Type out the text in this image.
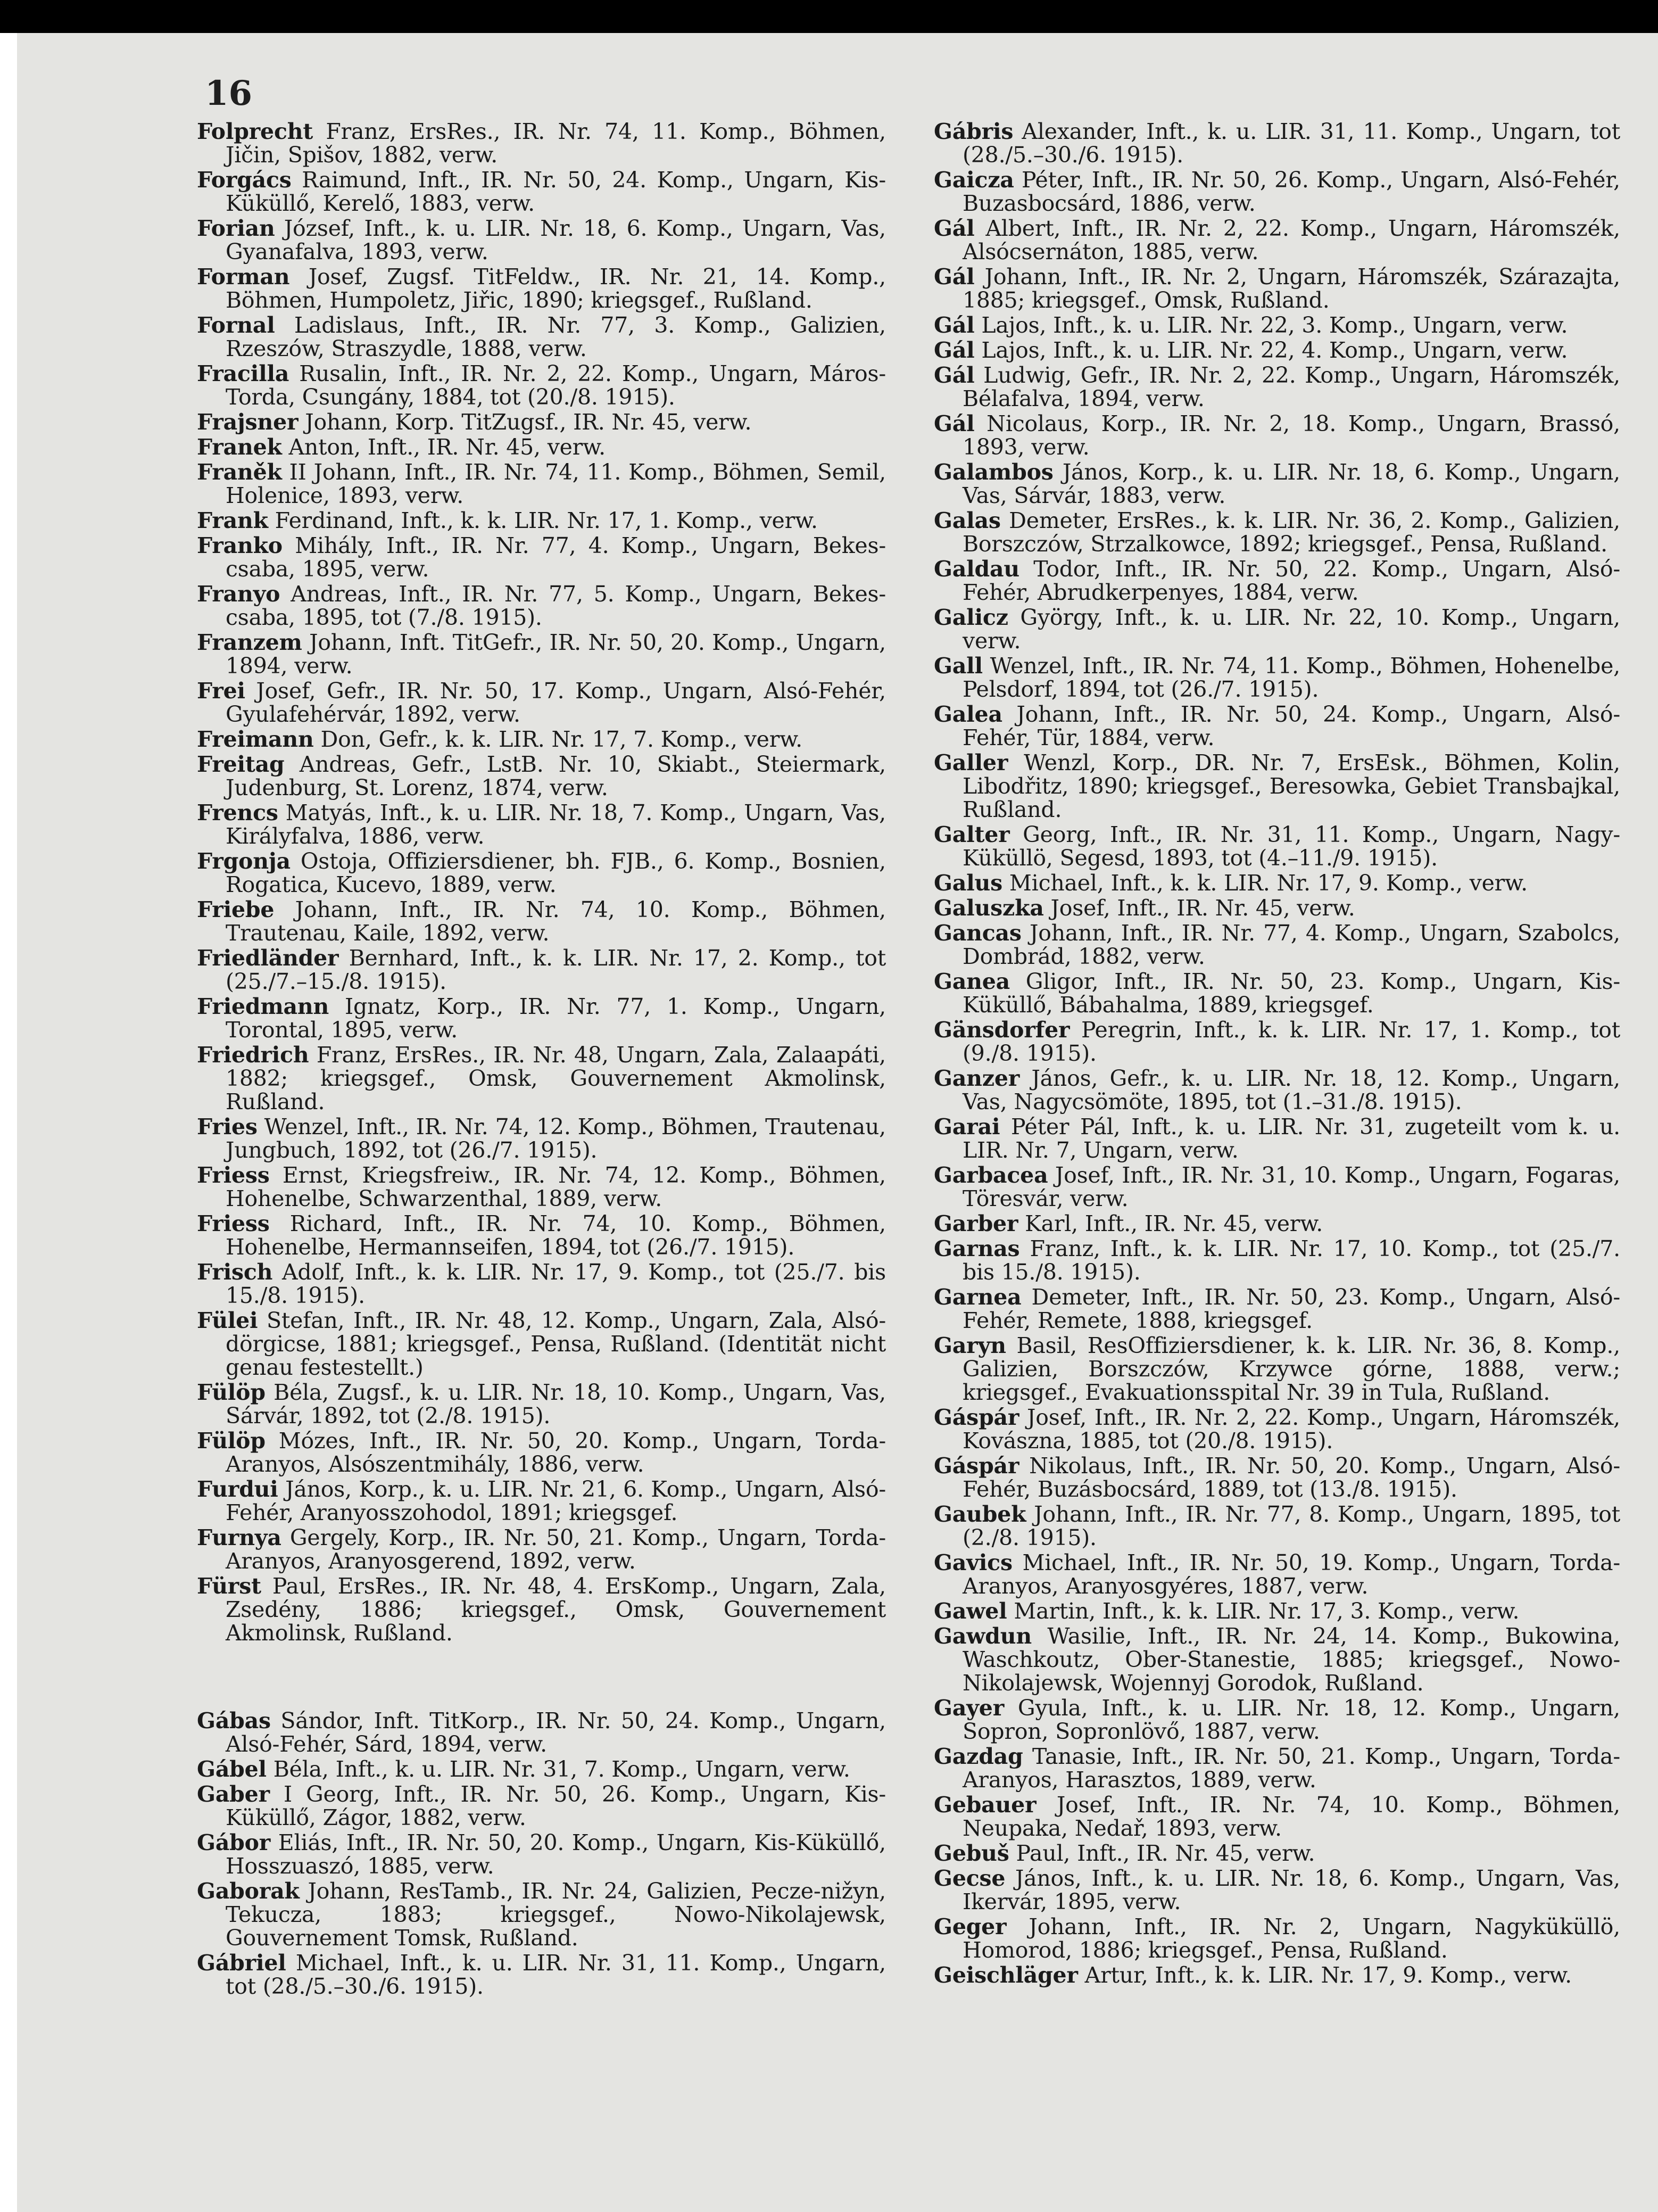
16

Folprecht Franz, ErsRes., IR. Nr. 74, 11. Komp., Böhmen, Jičin, Spišov, 1882, verw.

Forgács Raimund, Inft., IR. Nr. 50, 24. Komp., Ungarn, Kis-Küküllő, Kerelő, 1883, verw.

Forian József, Inft., k. u. LIR. Nr. 18, 6. Komp., Ungarn, Vas, Gyanafalva, 1893, verw.

Forman Josef, Zugsf. TitFeldw., IR. Nr. 21, 14. Komp., Böhmen, Humpoletz, Jiřic, 1890; kriegsgef., Rußland.

Fornal Ladislaus, Inft., IR. Nr. 77, 3. Komp., Galizien, Rzeszów, Straszydle, 1888, verw.

Fracilla Rusalin, Inft., IR. Nr. 2, 22. Komp., Ungarn, Máros-Torda, Csungány, 1884, tot (20./8. 1915).

Frajsner Johann, Korp. TitZugsf., IR. Nr. 45, verw.

Franek Anton, Inft., IR. Nr. 45, verw.

Franěk II Johann, Inft., IR. Nr. 74, 11. Komp., Böhmen, Semil, Holenice, 1893, verw.

Frank Ferdinand, Inft., k. k. LIR. Nr. 17, 1. Komp., verw.

Franko Mihály, Inft., IR. Nr. 77, 4. Komp., Ungarn, Bekes-csaba, 1895, verw.

Franyo Andreas, Inft., IR. Nr. 77, 5. Komp., Ungarn, Bekes-csaba, 1895, tot (7./8. 1915).

Franzem Johann, Inft. TitGefr., IR. Nr. 50, 20. Komp., Ungarn, 1894, verw.

Frei Josef, Gefr., IR. Nr. 50, 17. Komp., Ungarn, Alsó-Fehér, Gyulafehérvár, 1892, verw.

Freimann Don, Gefr., k. k. LIR. Nr. 17, 7. Komp., verw.

Freitag Andreas, Gefr., LstB. Nr. 10, Skiabt., Steiermark, Judenburg, St. Lorenz, 1874, verw.

Frencs Matyás, Inft., k. u. LIR. Nr. 18, 7. Komp., Ungarn, Vas, Királyfalva, 1886, verw.

Frgonja Ostoja, Offiziersdiener, bh. FJB., 6. Komp., Bosnien, Rogatica, Kucevo, 1889, verw.

Friebe Johann, Inft., IR. Nr. 74, 10. Komp., Böhmen, Trautenau, Kaile, 1892, verw.

Friedländer Bernhard, Inft., k. k. LIR. Nr. 17, 2. Komp., tot (25./7.–15./8. 1915).

Friedmann Ignatz, Korp., IR. Nr. 77, 1. Komp., Ungarn, Torontal, 1895, verw.

Friedrich Franz, ErsRes., IR. Nr. 48, Ungarn, Zala, Zalaapáti, 1882; kriegsgef., Omsk, Gouvernement Akmolinsk, Rußland.

Fries Wenzel, Inft., IR. Nr. 74, 12. Komp., Böhmen, Trautenau, Jungbuch, 1892, tot (26./7. 1915).

Friess Ernst, Kriegsfreiw., IR. Nr. 74, 12. Komp., Böhmen, Hohenelbe, Schwarzenthal, 1889, verw.

Friess Richard, Inft., IR. Nr. 74, 10. Komp., Böhmen, Hohenelbe, Hermannseifen, 1894, tot (26./7. 1915).

Frisch Adolf, Inft., k. k. LIR. Nr. 17, 9. Komp., tot (25./7. bis 15./8. 1915).

Fülei Stefan, Inft., IR. Nr. 48, 12. Komp., Ungarn, Zala, Alsó-dörgicse, 1881; kriegsgef., Pensa, Rußland. (Identität nicht genau festestellt.)

Fülöp Béla, Zugsf., k. u. LIR. Nr. 18, 10. Komp., Ungarn, Vas, Sárvár, 1892, tot (2./8. 1915).

Fülöp Mózes, Inft., IR. Nr. 50, 20. Komp., Ungarn, Torda-Aranyos, Alsószentmihály, 1886, verw.

Furdui János, Korp., k. u. LIR. Nr. 21, 6. Komp., Ungarn, Alsó-Fehér, Aranyosszohodol, 1891; kriegsgef.

Furnya Gergely, Korp., IR. Nr. 50, 21. Komp., Ungarn, Torda-Aranyos, Aranyosgerend, 1892, verw.

Fürst Paul, ErsRes., IR. Nr. 48, 4. ErsKomp., Ungarn, Zala, Zsedény, 1886; kriegsgef., Omsk, Gouvernement Akmolinsk, Rußland.

Gábas Sándor, Inft. TitKorp., IR. Nr. 50, 24. Komp., Ungarn, Alsó-Fehér, Sárd, 1894, verw.

Gábel Béla, Inft., k. u. LIR. Nr. 31, 7. Komp., Ungarn, verw.

Gaber I Georg, Inft., IR. Nr. 50, 26. Komp., Ungarn, Kis-Küküllő, Zágor, 1882, verw.

Gábor Eliás, Inft., IR. Nr. 50, 20. Komp., Ungarn, Kis-Küküllő, Hosszuaszó, 1885, verw.

Gaborak Johann, ResTamb., IR. Nr. 24, Galizien, Pecze-nižyn, Tekucza, 1883; kriegsgef., Nowo-Nikolajewsk, Gouvernement Tomsk, Rußland.

Gábriel Michael, Inft., k. u. LIR. Nr. 31, 11. Komp., Ungarn, tot (28./5.–30./6. 1915).

Gábris Alexander, Inft., k. u. LIR. 31, 11. Komp., Ungarn, tot (28./5.–30./6. 1915).

Gaicza Péter, Inft., IR. Nr. 50, 26. Komp., Ungarn, Alsó-Fehér, Buzasbocsárd, 1886, verw.

Gál Albert, Inft., IR. Nr. 2, 22. Komp., Ungarn, Háromszék, Alsócsernáton, 1885, verw.

Gál Johann, Inft., IR. Nr. 2, Ungarn, Háromszék, Szárazajta, 1885; kriegsgef., Omsk, Rußland.

Gál Lajos, Inft., k. u. LIR. Nr. 22, 3. Komp., Ungarn, verw.

Gál Lajos, Inft., k. u. LIR. Nr. 22, 4. Komp., Ungarn, verw.

Gál Ludwig, Gefr., IR. Nr. 2, 22. Komp., Ungarn, Háromszék, Bélafalva, 1894, verw.

Gál Nicolaus, Korp., IR. Nr. 2, 18. Komp., Ungarn, Brassó, 1893, verw.

Galambos János, Korp., k. u. LIR. Nr. 18, 6. Komp., Ungarn, Vas, Sárvár, 1883, verw.

Galas Demeter, ErsRes., k. k. LIR. Nr. 36, 2. Komp., Galizien, Borszczów, Strzalkowce, 1892; kriegsgef., Pensa, Rußland.

Galdau Todor, Inft., IR. Nr. 50, 22. Komp., Ungarn, Alsó-Fehér, Abrudkerpenyes, 1884, verw.

Galicz György, Inft., k. u. LIR. Nr. 22, 10. Komp., Ungarn, verw.

Gall Wenzel, Inft., IR. Nr. 74, 11. Komp., Böhmen, Hohenelbe, Pelsdorf, 1894, tot (26./7. 1915).

Galea Johann, Inft., IR. Nr. 50, 24. Komp., Ungarn, Alsó-Fehér, Tür, 1884, verw.

Galler Wenzl, Korp., DR. Nr. 7, ErsEsk., Böhmen, Kolin, Libodřitz, 1890; kriegsgef., Beresowka, Gebiet Transbajkal, Rußland.

Galter Georg, Inft., IR. Nr. 31, 11. Komp., Ungarn, Nagy-Küküllö, Segesd, 1893, tot (4.–11./9. 1915).

Galus Michael, Inft., k. k. LIR. Nr. 17, 9. Komp., verw.

Galuszka Josef, Inft., IR. Nr. 45, verw.

Gancas Johann, Inft., IR. Nr. 77, 4. Komp., Ungarn, Szabolcs, Dombrád, 1882, verw.

Ganea Gligor, Inft., IR. Nr. 50, 23. Komp., Ungarn, Kis-Küküllő, Bábahalma, 1889, kriegsgef.

Gänsdorfer Peregrin, Inft., k. k. LIR. Nr. 17, 1. Komp., tot (9./8. 1915).

Ganzer János, Gefr., k. u. LIR. Nr. 18, 12. Komp., Ungarn, Vas, Nagycsömöte, 1895, tot (1.–31./8. 1915).

Garai Péter Pál, Inft., k. u. LIR. Nr. 31, zugeteilt vom k. u. LIR. Nr. 7, Ungarn, verw.

Garbacea Josef, Inft., IR. Nr. 31, 10. Komp., Ungarn, Fogaras, Töresvár, verw.

Garber Karl, Inft., IR. Nr. 45, verw.

Garnas Franz, Inft., k. k. LIR. Nr. 17, 10. Komp., tot (25./7. bis 15./8. 1915).

Garnea Demeter, Inft., IR. Nr. 50, 23. Komp., Ungarn, Alsó-Fehér, Remete, 1888, kriegsgef.

Garyn Basil, ResOffiziersdiener, k. k. LIR. Nr. 36, 8. Komp., Galizien, Borszczów, Krzywce górne, 1888, verw.; kriegsgef., Evakuationsspital Nr. 39 in Tula, Rußland.

Gáspár Josef, Inft., IR. Nr. 2, 22. Komp., Ungarn, Háromszék, Kovászna, 1885, tot (20./8. 1915).

Gáspár Nikolaus, Inft., IR. Nr. 50, 20. Komp., Ungarn, Alsó-Fehér, Buzásbocsárd, 1889, tot (13./8. 1915).

Gaubek Johann, Inft., IR. Nr. 77, 8. Komp., Ungarn, 1895, tot (2./8. 1915).

Gavics Michael, Inft., IR. Nr. 50, 19. Komp., Ungarn, Torda-Aranyos, Aranyosgyéres, 1887, verw.

Gawel Martin, Inft., k. k. LIR. Nr. 17, 3. Komp., verw.

Gawdun Wasilie, Inft., IR. Nr. 24, 14. Komp., Bukowina, Waschkoutz, Ober-Stanestie, 1885; kriegsgef., Nowo-Nikolajewsk, Wojennyj Gorodok, Rußland.

Gayer Gyula, Inft., k. u. LIR. Nr. 18, 12. Komp., Ungarn, Sopron, Sopronlövő, 1887, verw.

Gazdag Tanasie, Inft., IR. Nr. 50, 21. Komp., Ungarn, Torda-Aranyos, Harasztos, 1889, verw.

Gebauer Josef, Inft., IR. Nr. 74, 10. Komp., Böhmen, Neupaka, Nedař, 1893, verw.

Gebuš Paul, Inft., IR. Nr. 45, verw.

Gecse János, Inft., k. u. LIR. Nr. 18, 6. Komp., Ungarn, Vas, Ikervár, 1895, verw.

Geger Johann, Inft., IR. Nr. 2, Ungarn, Nagyküküllö, Homorod, 1886; kriegsgef., Pensa, Rußland.

Geischläger Artur, Inft., k. k. LIR. Nr. 17, 9. Komp., verw.
